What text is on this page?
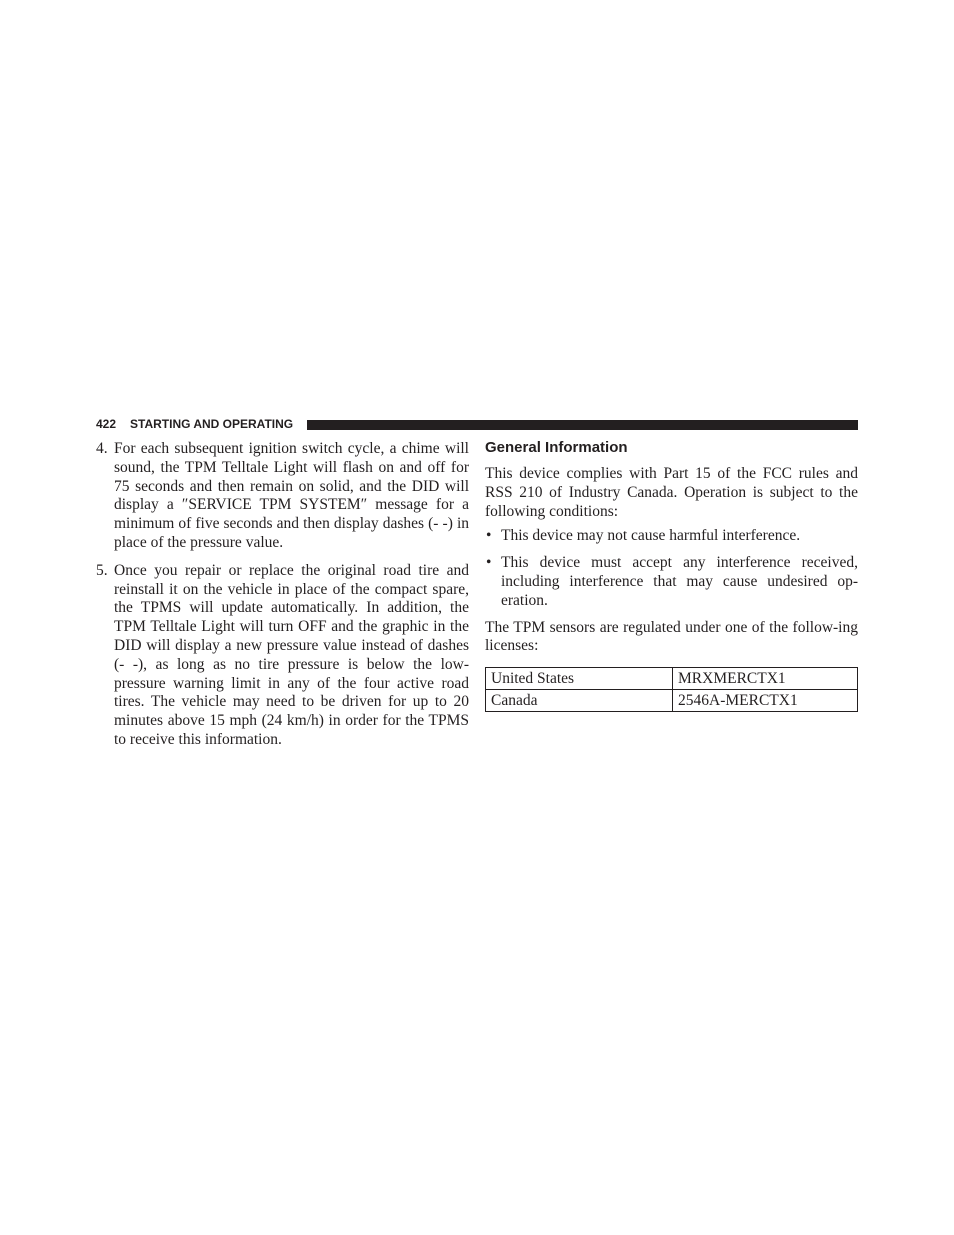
422 STARTING AND OPERATING
4. For each subsequent ignition switch cycle, a chime will sound, the TPM Telltale Light will flash on and off for 75 seconds and then remain on solid, and the DID will display a ″SERVICE TPM SYSTEM″ message for a minimum of five seconds and then display dashes (- -) in place of the pressure value.
5. Once you repair or replace the original road tire and reinstall it on the vehicle in place of the compact spare, the TPMS will update automatically. In addition, the TPM Telltale Light will turn OFF and the graphic in the DID will display a new pressure value instead of dashes (- -), as long as no tire pressure is below the low-pressure warning limit in any of the four active road tires. The vehicle may need to be driven for up to 20 minutes above 15 mph (24 km/h) in order for the TPMS to receive this information.
General Information

This device complies with Part 15 of the FCC rules and RSS 210 of Industry Canada. Operation is subject to the following conditions:

• This device may not cause harmful interference.
• This device must accept any interference received, including interference that may cause undesired op-eration.

The TPM sensors are regulated under one of the follow-ing licenses:

United States	MRXMERCTX1
Canada	2546A-MERCTX1
